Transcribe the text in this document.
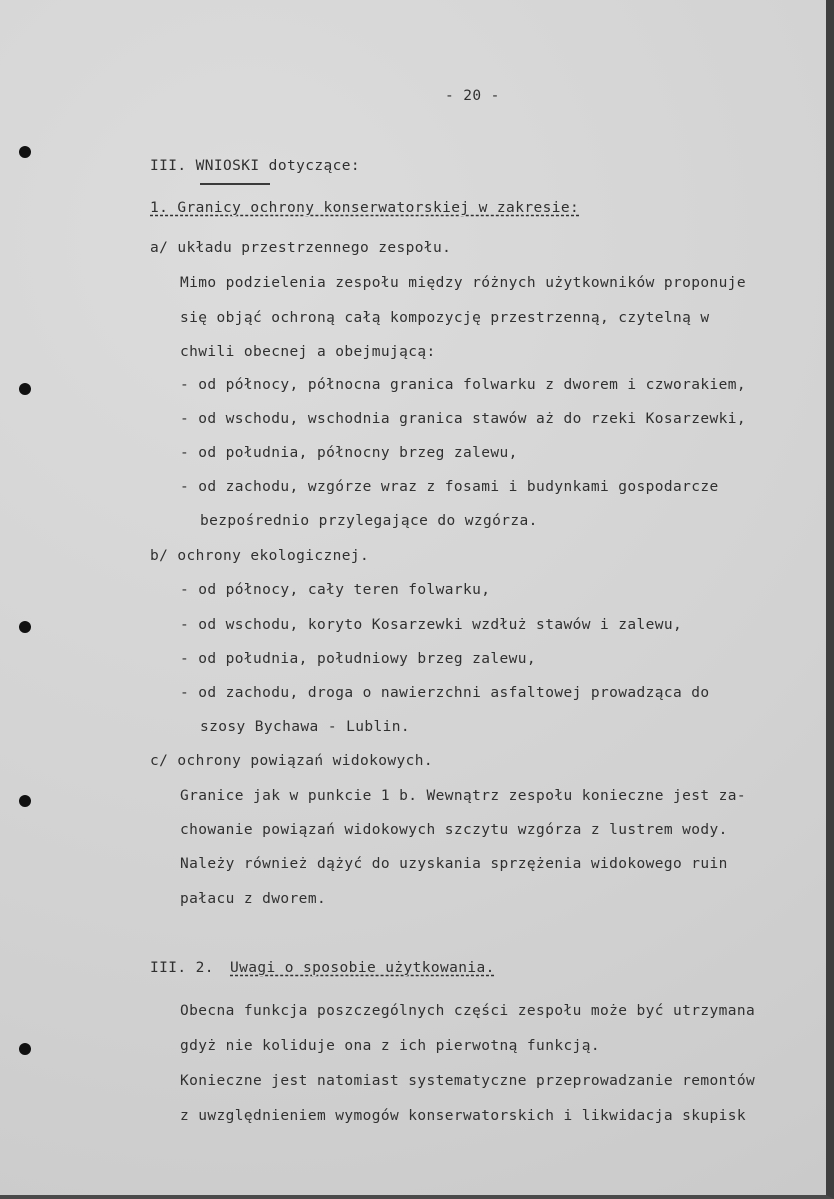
- 20 -
III. WNIOSKI dotyczące:
1. Granicy ochrony konserwatorskiej w zakresie:
a/ układu przestrzennego zespołu.
Mimo podzielenia zespołu między różnych użytkowników proponuje
się objąć ochroną całą kompozycję przestrzenną, czytelną w
chwili obecnej a obejmującą:
- od północy, północna granica folwarku z dworem i czworakiem,
- od wschodu, wschodnia granica stawów aż do rzeki Kosarzewki,
- od południa, północny brzeg zalewu,
- od zachodu, wzgórze wraz z fosami i budynkami gospodarcze
bezpośrednio przylegające do wzgórza.
b/ ochrony ekologicznej.
- od północy, cały teren folwarku,
- od wschodu, koryto Kosarzewki wzdłuż stawów i zalewu,
- od południa, południowy brzeg zalewu,
- od zachodu, droga o nawierzchni asfaltowej prowadząca do
szosy Bychawa - Lublin.
c/ ochrony powiązań widokowych.
Granice jak w punkcie 1 b. Wewnątrz zespołu konieczne jest za-
chowanie powiązań widokowych szczytu wzgórza z lustrem wody.
Należy również dążyć do uzyskania sprzężenia widokowego ruin
pałacu z dworem.
III. 2. Uwagi o sposobie użytkowania.
Obecna funkcja poszczególnych części zespołu może być utrzymana
gdyż nie koliduje ona z ich pierwotną funkcją.
Konieczne jest natomiast systematyczne przeprowadzanie remontów
z uwzględnieniem wymogów konserwatorskich i likwidacja skupisk
